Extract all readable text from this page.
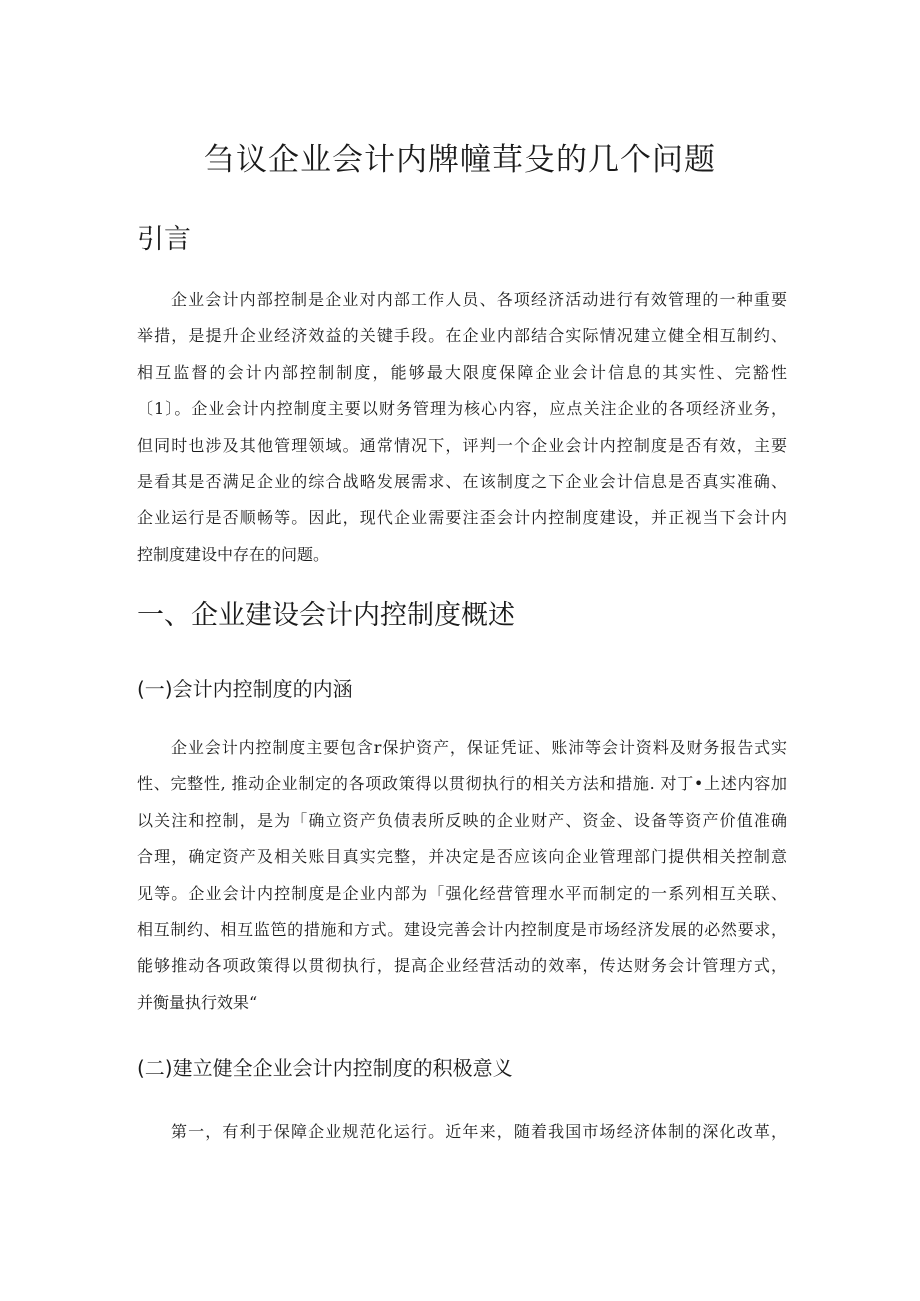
刍议企业会计内牌幢茸殳的几个问题
引言
企业会计内部控制是企业对内部工作人员、各项经济活动进行有效管理的一种重要
举措，是提升企业经济效益的关键手段。在企业内部结合实际情况建立健全相互制约、
相互监督的会计内部控制制度，能够最大限度保障企业会计信息的其实性、完豁性
〔1〕。企业会计内控制度主要以财务管理为核心内容，应点关注企业的各项经济业务，
但同时也涉及其他管理领域。通常情况下，评判一个企业会计内控制度是否有效，主要
是看其是否满足企业的综合战略发展需求、在该制度之下企业会计信息是否真实准确、
企业运行是否顺畅等。因此，现代企业需要注歪会计内控制度建设，并正视当下会计内
控制度建设中存在的问题。
一、企业建设会计内控制度概述
(一)会计内控制度的内涵
企业会计内控制度主要包含r保护资产，保证凭证、账沛等会计资料及财务报告式实
性、完整性, 推动企业制定的各项政策得以贯彻执行的相关方法和措施. 对丁•上述内容加
以关注和控制，是为「确立资产负债表所反映的企业财产、资金、设备等资产价值准确
合理，确定资产及相关账目真实完整，并决定是否应该向企业管理部门提供相关控制意
见等。企业会计内控制度是企业内部为「强化经营管理水平而制定的一系列相互关联、
相互制约、相互监笆的措施和方式。建设完善会计内控制度是市场经济发展的必然要求，
能够推动各项政策得以贯彻执行，提高企业经营活动的效率，传达财务会计管理方式，
并衡量执行效果“
(二)建立健全企业会计内控制度的积极意义
第一，有利于保障企业规范化运行。近年来，随着我国市场经济体制的深化改革，
